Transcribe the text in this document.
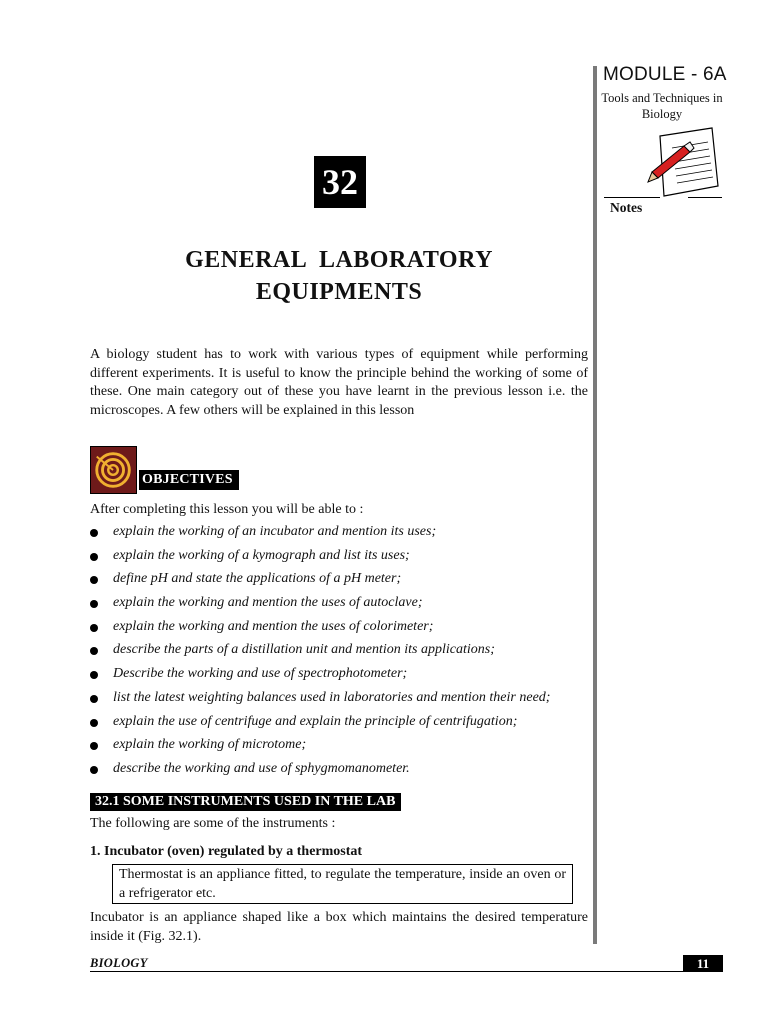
MODULE - 6A
Tools and Techniques in
Biology
Notes
32
GENERAL  LABORATORY
EQUIPMENTS
A biology student has to work with various types of equipment while performing different experiments. It is useful to know the principle behind the working of some of these. One main category out of these you have learnt in the previous lesson i.e. the microscopes. A few others will be explained in this lesson
OBJECTIVES
After completing this lesson you will be able to :
explain the working of an incubator and mention its uses;
explain the working of a kymograph and list its uses;
define pH and state the applications of a pH meter;
explain the working and mention the uses of autoclave;
explain the working and mention the uses of colorimeter;
describe the parts of a distillation unit and mention its applications;
Describe the working and use of spectrophotometer;
list the latest weighting balances used in laboratories and mention their need;
explain the use of centrifuge and explain the principle of centrifugation;
explain the working of microtome;
describe the working and use of sphygmomanometer.
32.1 SOME INSTRUMENTS USED IN THE LAB
The following are some of the instruments :
1. Incubator (oven) regulated by a thermostat
Thermostat is an appliance fitted, to regulate the temperature, inside an oven or a refrigerator etc.
Incubator is an appliance shaped like a box which maintains the desired temperature inside it (Fig. 32.1).
BIOLOGY	11
